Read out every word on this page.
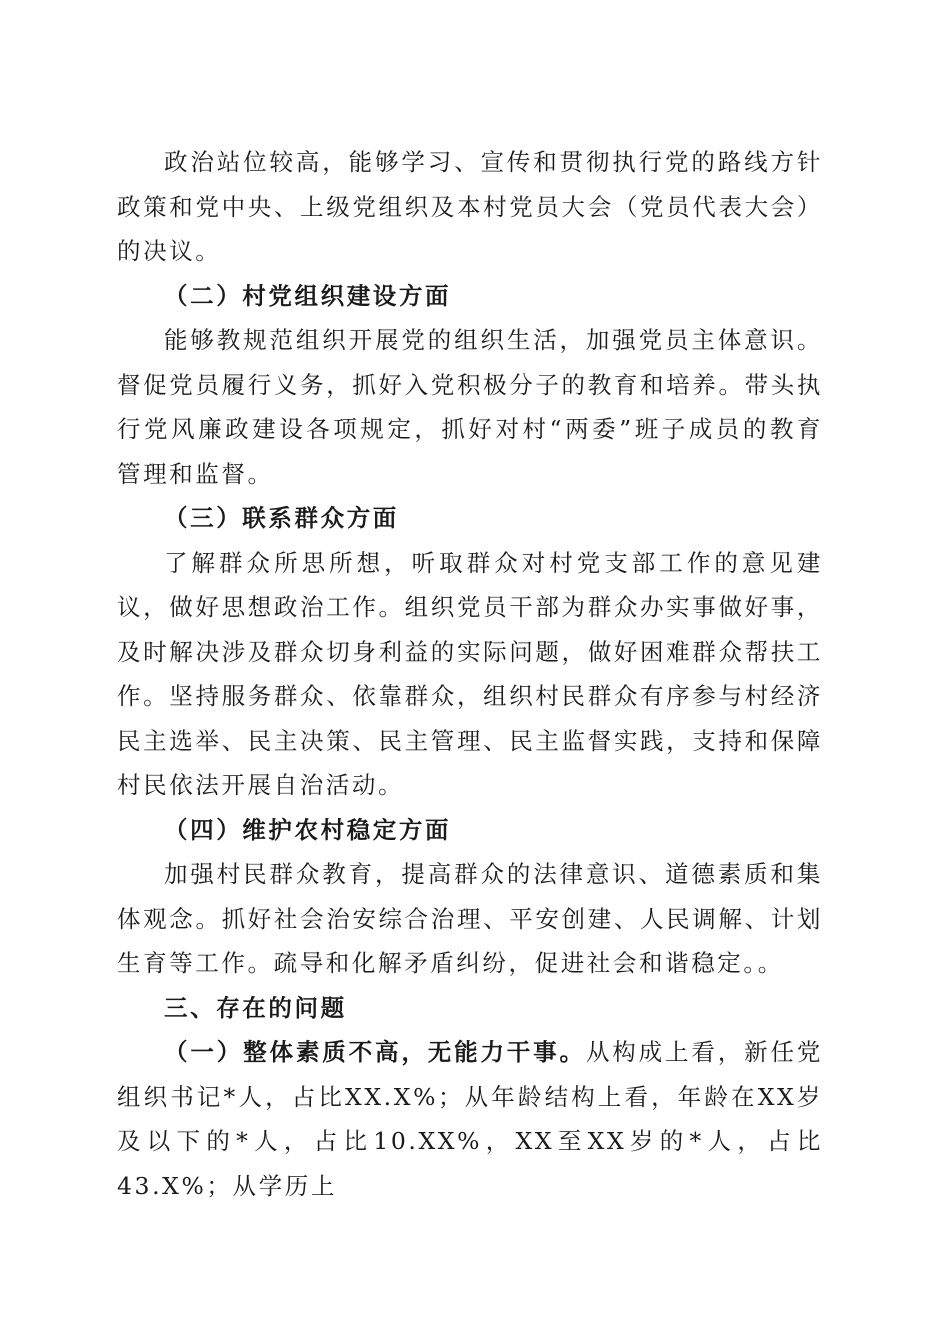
政治站位较高，能够学习、宣传和贯彻执行党的路线方针政策和党中央、上级党组织及本村党员大会（党员代表大会）的决议。

（二）村党组织建设方面

能够教规范组织开展党的组织生活，加强党员主体意识。督促党员履行义务，抓好入党积极分子的教育和培养。带头执行党风廉政建设各项规定，抓好对村“两委”班子成员的教育管理和监督。

（三）联系群众方面

了解群众所思所想，听取群众对村党支部工作的意见建议，做好思想政治工作。组织党员干部为群众办实事做好事，及时解决涉及群众切身利益的实际问题，做好困难群众帮扶工作。坚持服务群众、依靠群众，组织村民群众有序参与村经济民主选举、民主决策、民主管理、民主监督实践，支持和保障村民依法开展自治活动。

（四）维护农村稳定方面

加强村民群众教育，提高群众的法律意识、道德素质和集体观念。抓好社会治安综合治理、平安创建、人民调解、计划生育等工作。疏导和化解矛盾纠纷，促进社会和谐稳定。。

三、存在的问题

（一）整体素质不高，无能力干事。从构成上看，新任党组织书记*人，占比XX.X%；从年龄结构上看，年龄在XX岁及以下的*人，占比10.XX%，XX至XX岁的*人，占比43.X%；从学历上
